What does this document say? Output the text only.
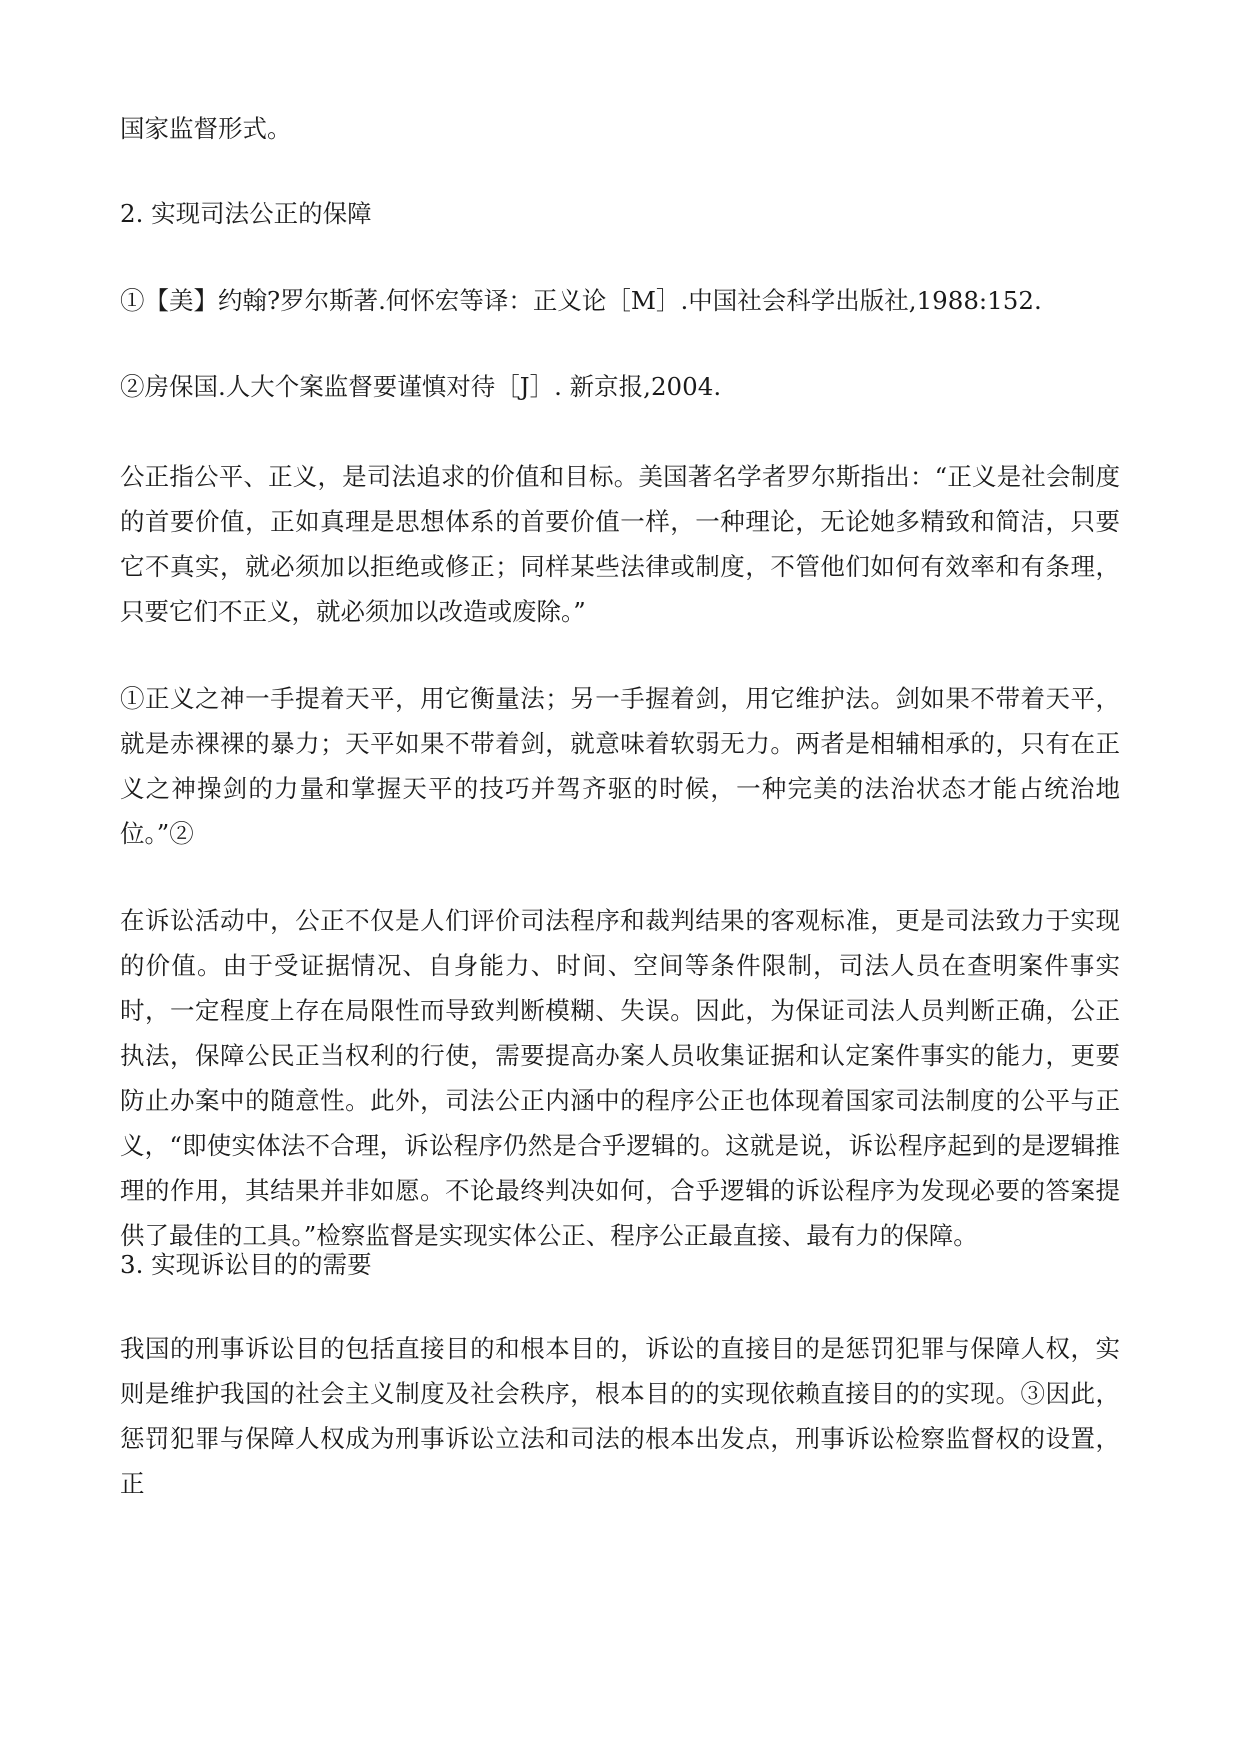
国家监督形式。
2. 实现司法公正的保障
①【美】约翰?罗尔斯著.何怀宏等译：正义论［M］.中国社会科学出版社,1988:152.
②房保国.人大个案监督要谨慎对待［J］. 新京报,2004.

公正指公平、正义，是司法追求的价值和目标。美国著名学者罗尔斯指出：“正义是社会制度的首要价值，正如真理是思想体系的首要价值一样，一种理论，无论她多精致和简洁，只要它不真实，就必须加以拒绝或修正；同样某些法律或制度，不管他们如何有效率和有条理，只要它们不正义，就必须加以改造或废除。”

①正义之神一手提着天平，用它衡量法；另一手握着剑，用它维护法。剑如果不带着天平，就是赤裸裸的暴力；天平如果不带着剑，就意味着软弱无力。两者是相辅相承的，只有在正义之神操剑的力量和掌握天平的技巧并驾齐驱的时候，一种完美的法治状态才能占统治地位。”②

在诉讼活动中，公正不仅是人们评价司法程序和裁判结果的客观标准，更是司法致力于实现的价值。由于受证据情况、自身能力、时间、空间等条件限制，司法人员在查明案件事实时，一定程度上存在局限性而导致判断模糊、失误。因此，为保证司法人员判断正确，公正执法，保障公民正当权利的行使，需要提高办案人员收集证据和认定案件事实的能力，更要防止办案中的随意性。此外，司法公正内涵中的程序公正也体现着国家司法制度的公平与正义，“即使实体法不合理，诉讼程序仍然是合乎逻辑的。这就是说，诉讼程序起到的是逻辑推理的作用，其结果并非如愿。不论最终判决如何，合乎逻辑的诉讼程序为发现必要的答案提供了最佳的工具。”检察监督是实现实体公正、程序公正最直接、最有力的保障。

3. 实现诉讼目的的需要

我国的刑事诉讼目的包括直接目的和根本目的，诉讼的直接目的是惩罚犯罪与保障人权，实则是维护我国的社会主义制度及社会秩序，根本目的的实现依赖直接目的的实现。③因此，惩罚犯罪与保障人权成为刑事诉讼立法和司法的根本出发点，刑事诉讼检察监督权的设置，正
